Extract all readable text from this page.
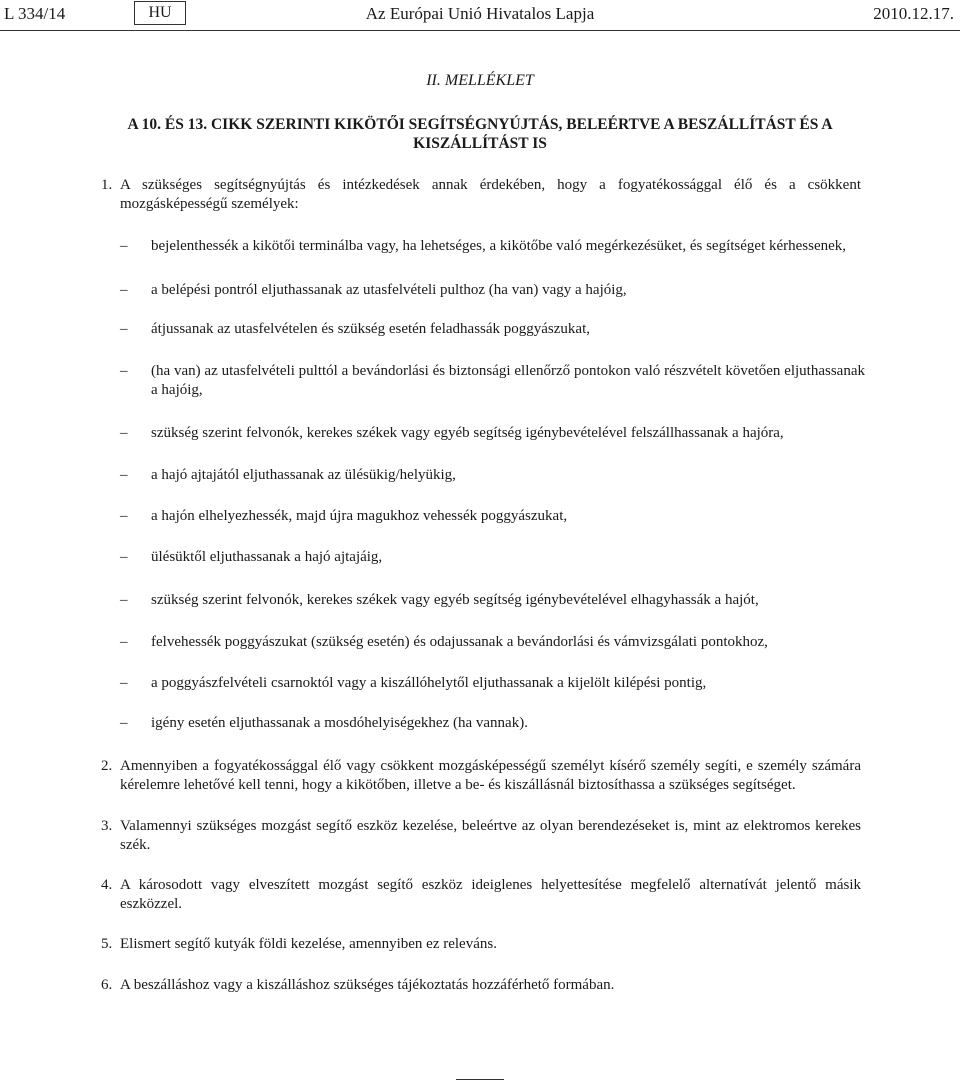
L 334/14	HU	Az Európai Unió Hivatalos Lapja	2010.12.17.
II. MELLÉKLET
A 10. ÉS 13. CIKK SZERINTI KIKÖTŐI SEGÍTSÉGNYÚJTÁS, BELEÉRTVE A BESZÁLLÍTÁST ÉS A KISZÁLLÍTÁST IS
1. A szükséges segítségnyújtás és intézkedések annak érdekében, hogy a fogyatékossággal élő és a csökkent mozgásképességű személyek:
– bejelenthessék a kikötői terminálba vagy, ha lehetséges, a kikötőbe való megérkezésüket, és segítséget kérhessenek,
– a belépési pontról eljuthassanak az utasfelvételi pulthoz (ha van) vagy a hajóig,
– átjussanak az utasfelvételen és szükség esetén feladhassák poggyászukat,
– (ha van) az utasfelvételi pulttól a bevándorlási és biztonsági ellenőrző pontokon való részvételt követően eljuthassanak a hajóig,
– szükség szerint felvonók, kerekes székek vagy egyéb segítség igénybevételével felszállhassanak a hajóra,
– a hajó ajtajától eljuthassanak az ülésükig/helyükig,
– a hajón elhelyezhessék, majd újra magukhoz vehessék poggyászukat,
– ülésüktől eljuthassanak a hajó ajtajáig,
– szükség szerint felvonók, kerekes székek vagy egyéb segítség igénybevételével elhagyhassák a hajót,
– felvehessék poggyászukat (szükség esetén) és odajussanak a bevándorlási és vámvizsgálati pontokhoz,
– a poggyászfelvételi csarnoktól vagy a kiszállóhelytől eljuthassanak a kijelölt kilépési pontig,
– igény esetén eljuthassanak a mosdóhelyiségekhez (ha vannak).
2. Amennyiben a fogyatékossággal élő vagy csökkent mozgásképességű személyt kísérő személy segíti, e személy számára kérelemre lehetővé kell tenni, hogy a kikötőben, illetve a be- és kiszállásnál biztosíthassa a szükséges segítséget.
3. Valamennyi szükséges mozgást segítő eszköz kezelése, beleértve az olyan berendezéseket is, mint az elektromos kerekes szék.
4. A károsodott vagy elveszített mozgást segítő eszköz ideiglenes helyettesítése megfelelő alternatívát jelentő másik eszközzel.
5. Elismert segítő kutyák földi kezelése, amennyiben ez releváns.
6. A beszálláshoz vagy a kiszálláshoz szükséges tájékoztatás hozzáférhető formában.
